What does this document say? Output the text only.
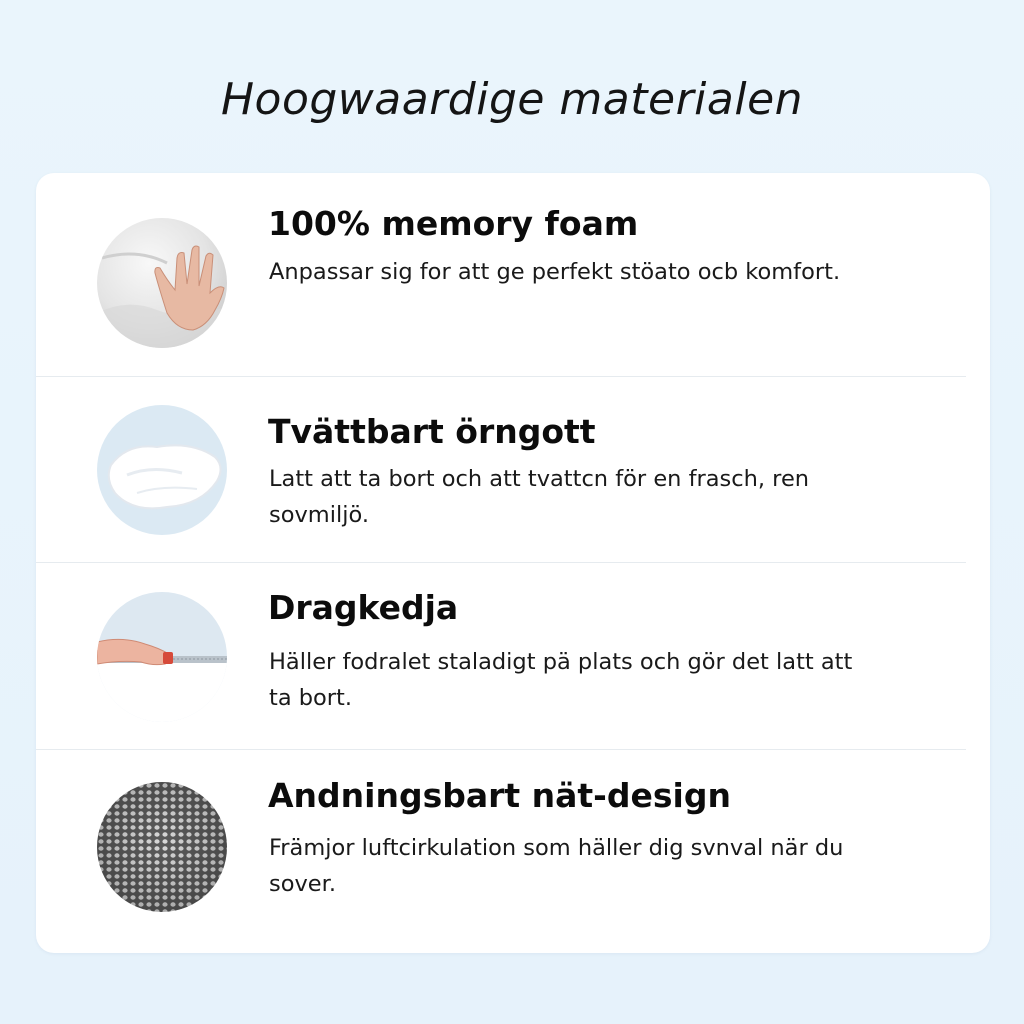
Hoogwaardige materialen
100% memory foam

Anpassar sig for att ge perfekt stöato ocb komfort.

Tvättbart örngott

Latt att ta bort och att tvattcn för en frasch, ren sovmiljö.

Dragkedja

Häller fodralet staladigt pä plats och gör det latt att ta bort.

Andningsbart nät-design

Främjor luftcirkulation som häller dig svnval när du sover.
